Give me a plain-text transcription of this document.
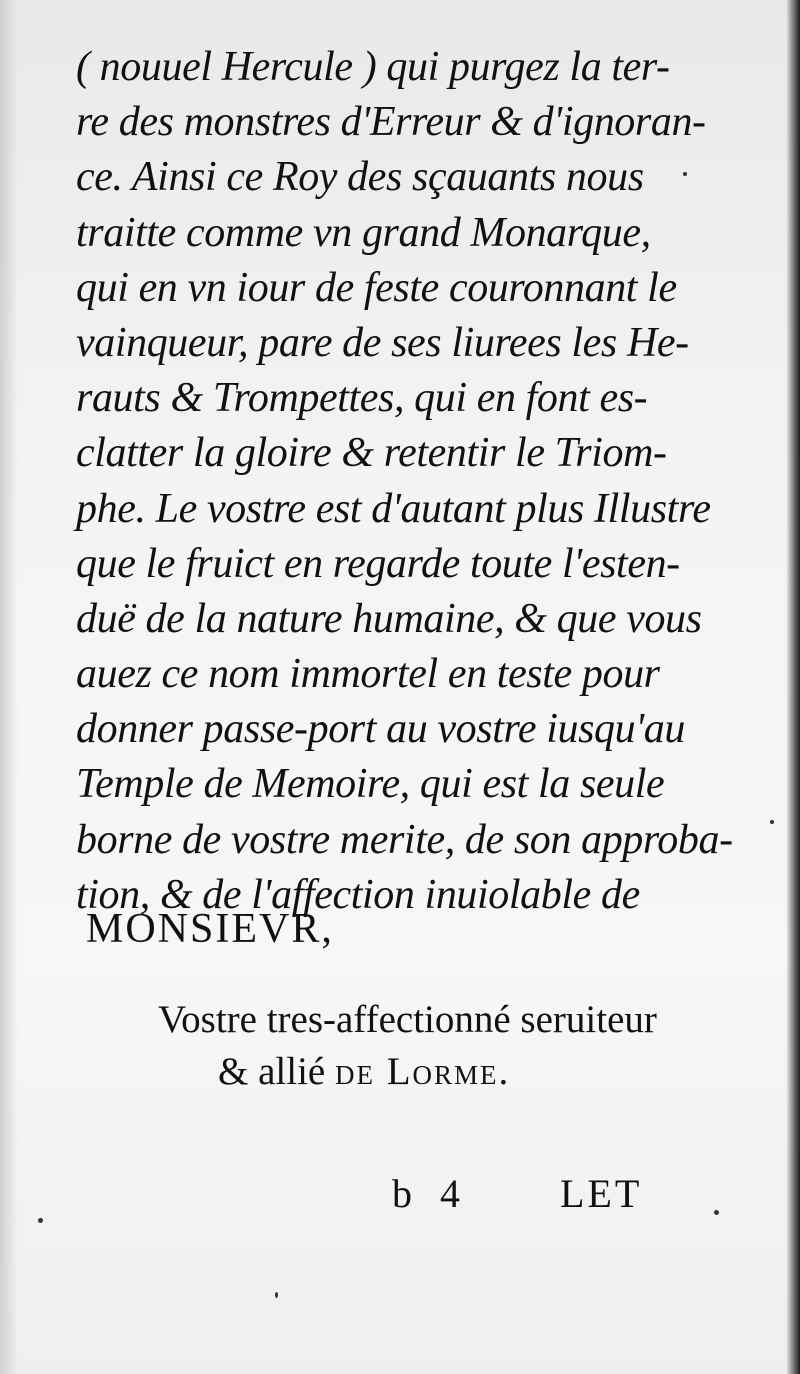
( nouuel Hercule ) qui purgez la ter-
re des monstres d'Erreur & d'ignoran-
ce. Ainsi ce Roy des sçauants nous
traitte comme vn grand Monarque,
qui en vn iour de feste couronnant le
vainqueur, pare de ses liurees les He-
rauts & Trompettes, qui en font es-
clatter la gloire & retentir le Triom-
phe. Le vostre est d'autant plus Illustre
que le fruict en regarde toute l'esten-
duë de la nature humaine, & que vous
auez ce nom immortel en teste pour
donner passe-port au vostre iusqu'au
Temple de Memoire, qui est la seule
borne de vostre merite, de son approba-
tion, & de l'affection inuiolable de
MONSIEVR,
Vostre tres-affectionné seruiteur
& allié de Lorme.
b 4	LET
